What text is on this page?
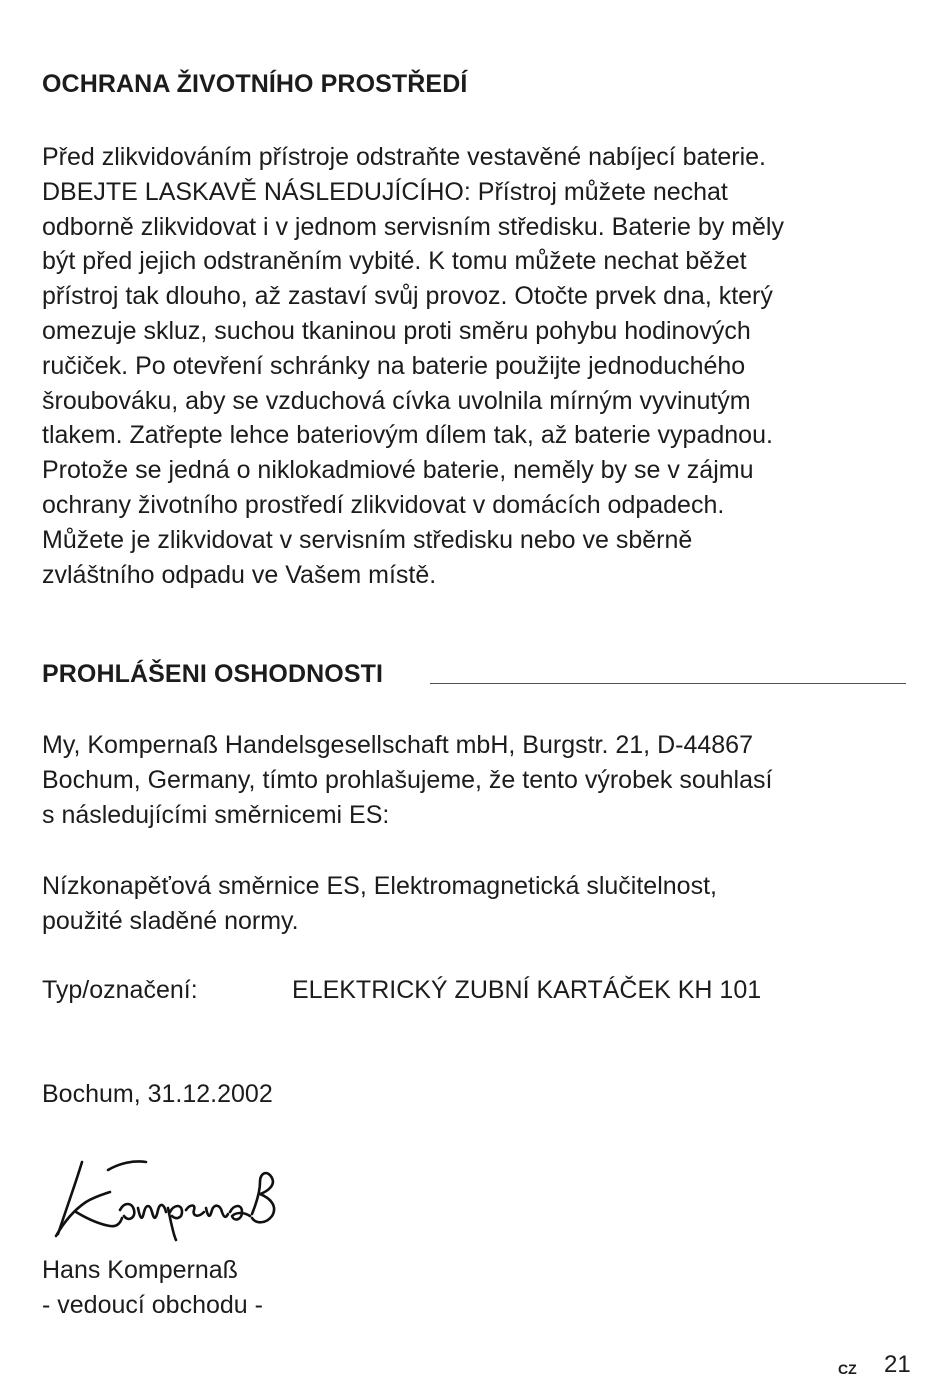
OCHRANA ŽIVOTNÍHO PROSTŘEDÍ

Před zlikvidováním přístroje odstraňte vestavěné nabíjecí baterie.
DBEJTE LASKAVĚ NÁSLEDUJÍCÍHO: Přístroj můžete nechat
odborně zlikvidovat i v jednom servisním středisku. Baterie by měly
být před jejich odstraněním vybité. K tomu můžete nechat běžet
přístroj tak dlouho, až zastaví svůj provoz. Otočte prvek dna, který
omezuje skluz, suchou tkaninou proti směru pohybu hodinových
ručiček. Po otevření schránky na baterie použijte jednoduchého
šroubováku, aby se vzduchová cívka uvolnila mírným vyvinutým
tlakem. Zatřepte lehce bateriovým dílem tak, až baterie vypadnou.
Protože se jedná o niklokadmiové baterie, neměly by se v zájmu
ochrany životního prostředí zlikvidovat v domácích odpadech.
Můžete je zlikvidovat v servisním středisku nebo ve sběrně
zvláštního odpadu ve Vašem místě.

PROHLÁŠENI OSHODNOSTI

My, Kompernaß Handelsgesellschaft mbH, Burgstr. 21, D-44867
Bochum, Germany, tímto prohlašujeme, že tento výrobek souhlasí
s následujícími směrnicemi ES:

Nízkonapěťová směrnice ES, Elektromagnetická slučitelnost,
použité sladěné normy.

Typ/označení:	ELEKTRICKÝ ZUBNÍ KARTÁČEK KH 101
Bochum, 31.12.2002
Hans Kompernaß
- vedoucí obchodu -
CZ 21
